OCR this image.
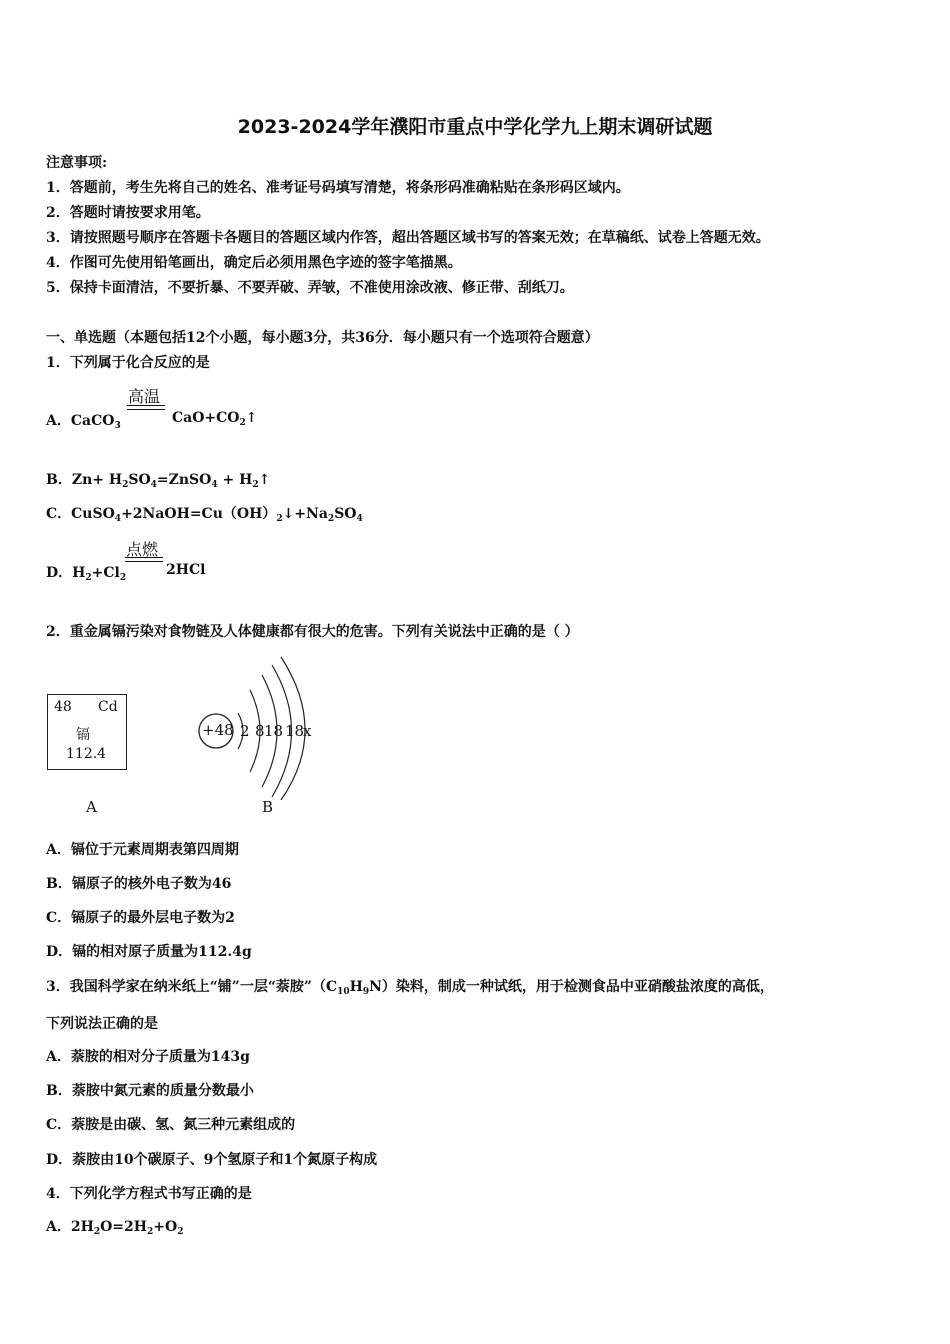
2023-2024学年濮阳市重点中学化学九上期末调研试题
注意事项:
1．答题前，考生先将自己的姓名、准考证号码填写清楚，将条形码准确粘贴在条形码区域内。
2．答题时请按要求用笔。
3．请按照题号顺序在答题卡各题目的答题区域内作答，超出答题区域书写的答案无效；在草稿纸、试卷上答题无效。
4．作图可先使用铅笔画出，确定后必须用黑色字迹的签字笔描黑。
5．保持卡面清洁，不要折暴、不要弄破、弄皱，不准使用涂改液、修正带、刮纸刀。
一、单选题（本题包括12个小题，每小题3分，共36分．每小题只有一个选项符合题意）
1．下列属于化合反应的是
高温
A．CaCO$_3$	$CaO+CO_2↑$
B．$Zn+ H_2SO_4=ZnSO_4$ + $H_2↑$
C．$CuSO_4+2NaOH=Cu(OH)_2↓+Na_2SO_4$
点燃
D．$H_2+Cl_2$	2HCl
2．重金属镉污染对食物链及人体健康都有很大的危害。下列有关说法中正确的是（ ）
48 Cd
镉
112.4
+48 2 8 18 18
x
A	B
A．镉位于元素周期表第四周期
B．镉原子的核外电子数为46
C．镉原子的最外层电子数为2
D．镉的相对原子质量为112.4g
3．我国科学家在纳米纸上“铺”一层“萘胺$”(C_{10}H_9N)$染料，制成一种试纸，用于检测食品中亚硝酸盐浓度的高低，
下列说法正确的是
A．萘胺的相对分子质量为143g
B．萘胺中氮元素的质量分数最小
C．萘胺是由碳、氢、氮三种元素组成的
D．萘胺由10个碳原子、9个氢原子和1个氮原子构成
4．下列化学方程式书写正确的是
A．$2H_2O=2H_2+O_2$
